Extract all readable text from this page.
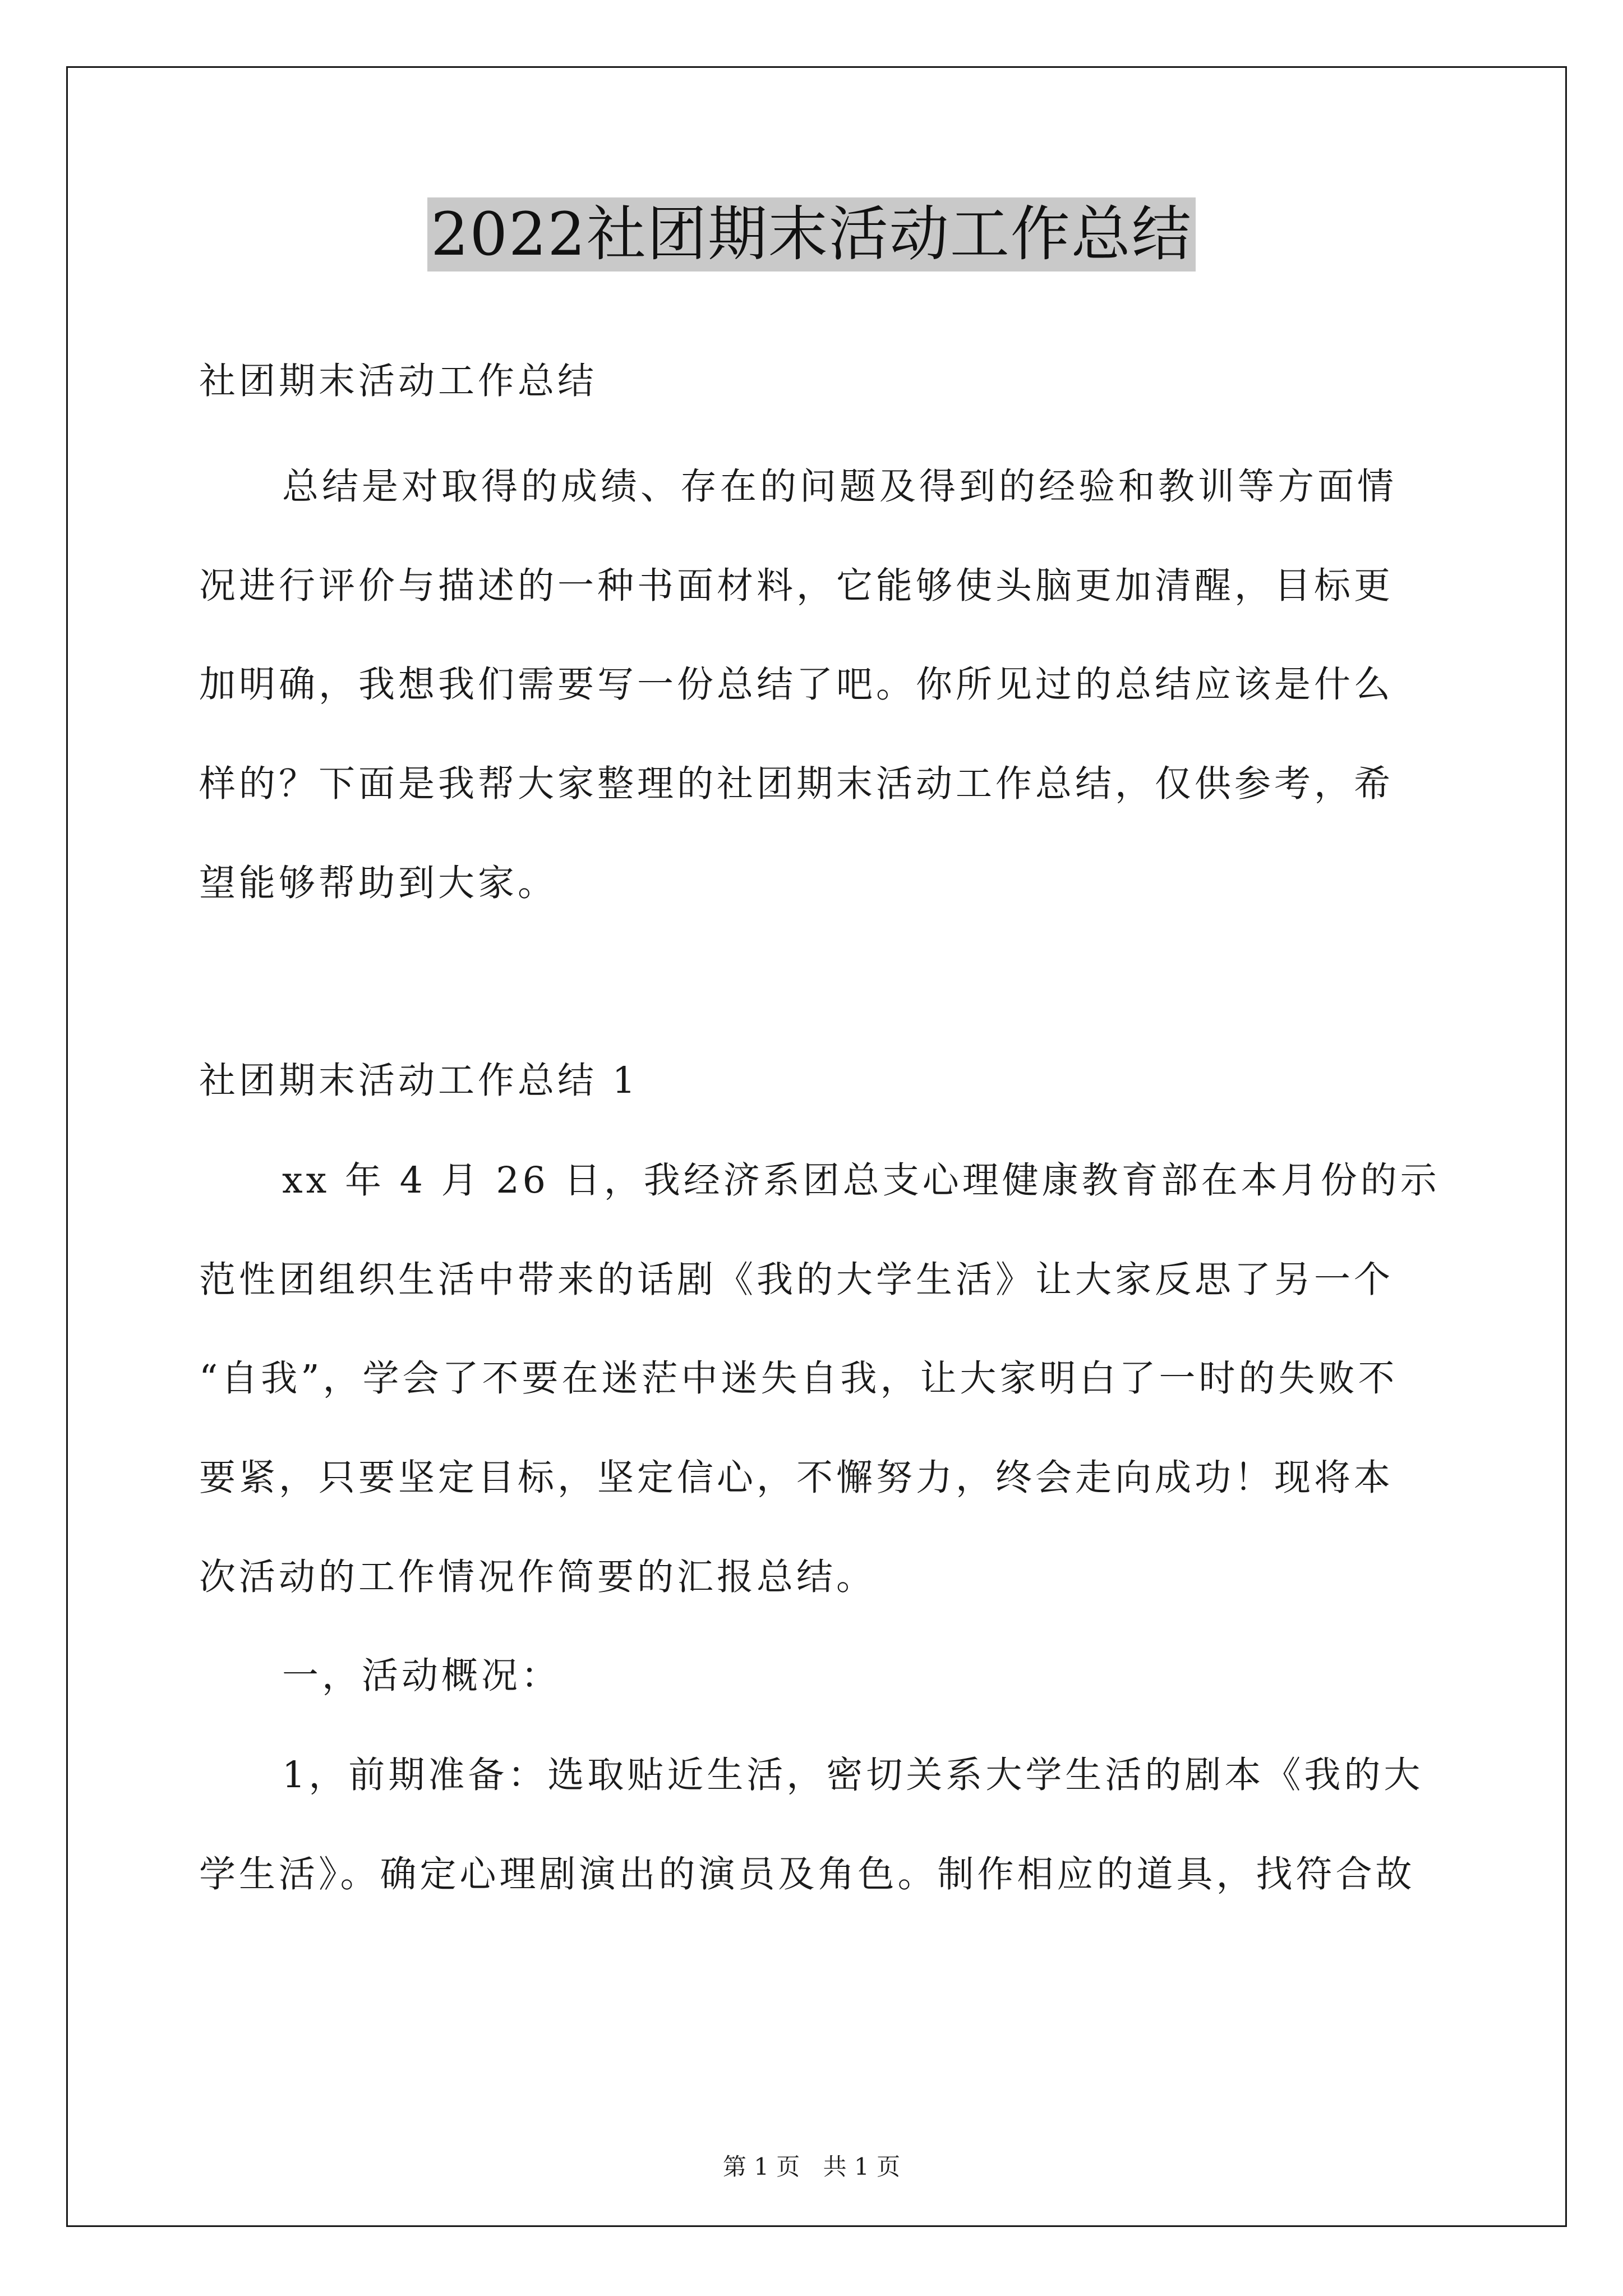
2022社团期末活动工作总结
社团期末活动工作总结
总结是对取得的成绩、存在的问题及得到的经验和教训等方面情
况进行评价与描述的一种书面材料，它能够使头脑更加清醒，目标更
加明确，我想我们需要写一份总结了吧。你所见过的总结应该是什么
样的？下面是我帮大家整理的社团期末活动工作总结，仅供参考，希
望能够帮助到大家。
社团期末活动工作总结 1
xx 年 4 月 26 日，我经济系团总支心理健康教育部在本月份的示
范性团组织生活中带来的话剧《我的大学生活》让大家反思了另一个
“自我”，学会了不要在迷茫中迷失自我，让大家明白了一时的失败不
要紧，只要坚定目标，坚定信心，不懈努力，终会走向成功！现将本
次活动的工作情况作简要的汇报总结。
一，活动概况：
1，前期准备：选取贴近生活，密切关系大学生活的剧本《我的大
学生活》。确定心理剧演出的演员及角色。制作相应的道具，找符合故
第 1 页 共 1 页
